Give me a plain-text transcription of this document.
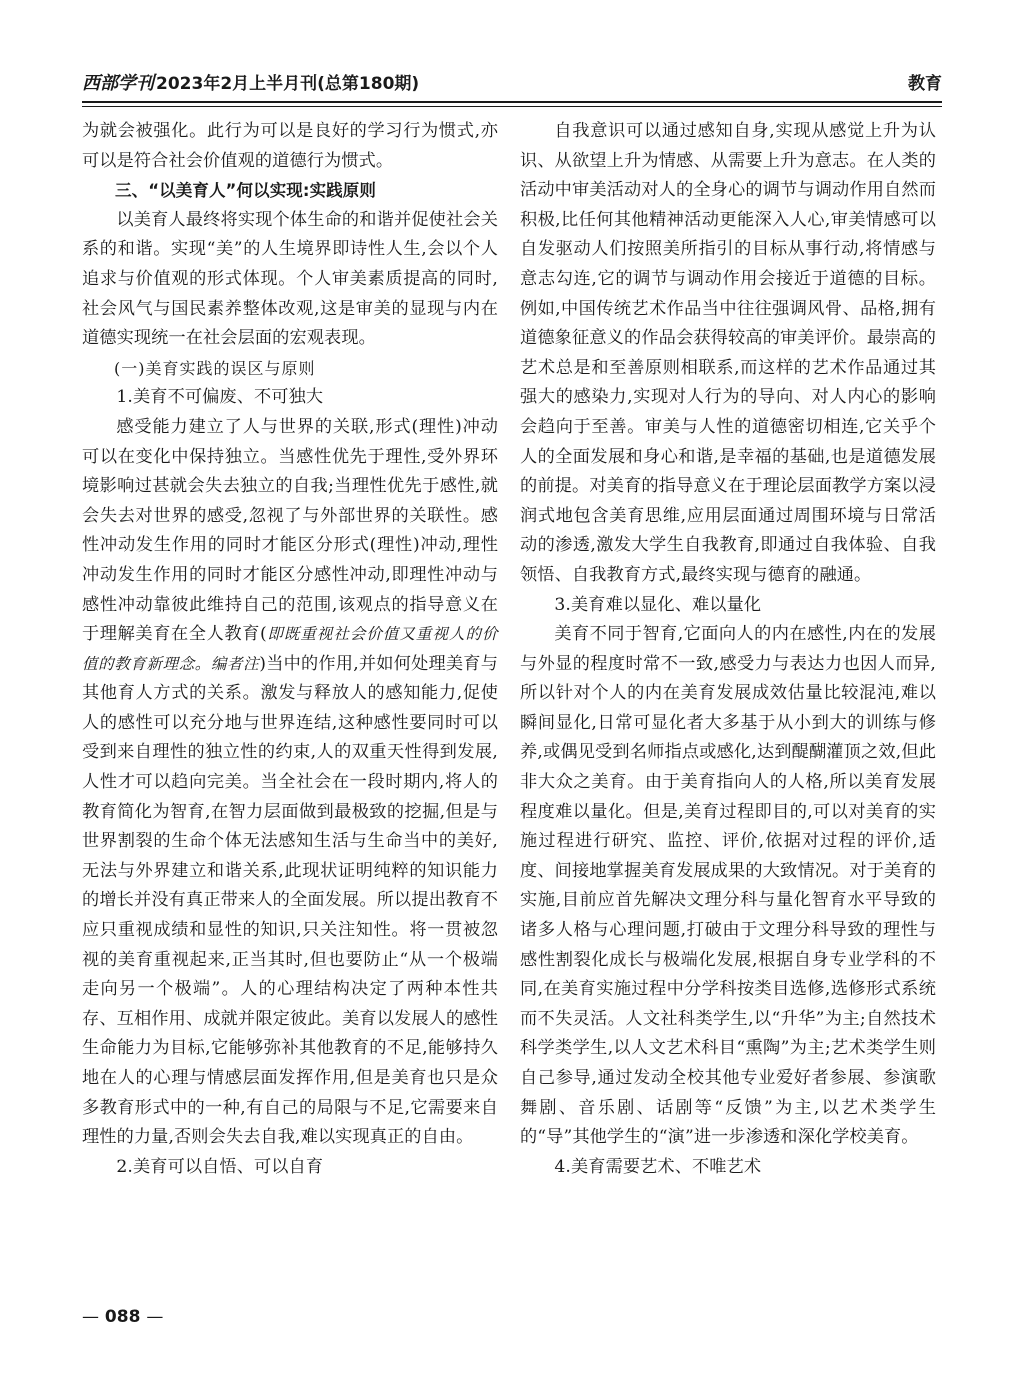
西部学刊 2023年2月上半月刊(总第180期)	教育

为就会被强化。此行为可以是良好的学习行为惯式,亦可以是符合社会价值观的道德行为惯式。

三、“以美育人”何以实现:实践原则

以美育人最终将实现个体生命的和谐并促使社会关系的和谐。实现“美”的人生境界即诗性人生,会以个人追求与价值观的形式体现。个人审美素质提高的同时,社会风气与国民素养整体改观,这是审美的显现与内在道德实现统一在社会层面的宏观表现。

(一)美育实践的误区与原则

1.美育不可偏废、不可独大

感受能力建立了人与世界的关联,形式(理性)冲动可以在变化中保持独立。当感性优先于理性,受外界环境影响过甚就会失去独立的自我;当理性优先于感性,就会失去对世界的感受,忽视了与外部世界的关联性。感性冲动发生作用的同时才能区分形式(理性)冲动,理性冲动发生作用的同时才能区分感性冲动,即理性冲动与感性冲动靠彼此维持自己的范围,该观点的指导意义在于理解美育在全人教育(即既重视社会价值又重视人的价值的教育新理念。编者注)当中的作用,并如何处理美育与其他育人方式的关系。激发与释放人的感知能力,促使人的感性可以充分地与世界连结,这种感性要同时可以受到来自理性的独立性的约束,人的双重天性得到发展,人性才可以趋向完美。当全社会在一段时期内,将人的教育简化为智育,在智力层面做到最极致的挖掘,但是与世界割裂的生命个体无法感知生活与生命当中的美好,无法与外界建立和谐关系,此现状证明纯粹的知识能力的增长并没有真正带来人的全面发展。所以提出教育不应只重视成绩和显性的知识,只关注知性。将一贯被忽视的美育重视起来,正当其时,但也要防止“从一个极端走向另一个极端”。人的心理结构决定了两种本性共存、互相作用、成就并限定彼此。美育以发展人的感性生命能力为目标,它能够弥补其他教育的不足,能够持久地在人的心理与情感层面发挥作用,但是美育也只是众多教育形式中的一种,有自己的局限与不足,它需要来自理性的力量,否则会失去自我,难以实现真正的自由。

2.美育可以自悟、可以自育

自我意识可以通过感知自身,实现从感觉上升为认识、从欲望上升为情感、从需要上升为意志。在人类的活动中审美活动对人的全身心的调节与调动作用自然而积极,比任何其他精神活动更能深入人心,审美情感可以自发驱动人们按照美所指引的目标从事行动,将情感与意志勾连,它的调节与调动作用会接近于道德的目标。例如,中国传统艺术作品当中往往强调风骨、品格,拥有道德象征意义的作品会获得较高的审美评价。最崇高的艺术总是和至善原则相联系,而这样的艺术作品通过其强大的感染力,实现对人行为的导向、对人内心的影响会趋向于至善。审美与人性的道德密切相连,它关乎个人的全面发展和身心和谐,是幸福的基础,也是道德发展的前提。对美育的指导意义在于理论层面教学方案以浸润式地包含美育思维,应用层面通过周围环境与日常活动的渗透,激发大学生自我教育,即通过自我体验、自我领悟、自我教育方式,最终实现与德育的融通。

3.美育难以显化、难以量化

美育不同于智育,它面向人的内在感性,内在的发展与外显的程度时常不一致,感受力与表达力也因人而异,所以针对个人的内在美育发展成效估量比较混沌,难以瞬间显化,日常可显化者大多基于从小到大的训练与修养,或偶见受到名师指点或感化,达到醍醐灌顶之效,但此非大众之美育。由于美育指向人的人格,所以美育发展程度难以量化。但是,美育过程即目的,可以对美育的实施过程进行研究、监控、评价,依据对过程的评价,适度、间接地掌握美育发展成果的大致情况。对于美育的实施,目前应首先解决文理分科与量化智育水平导致的诸多人格与心理问题,打破由于文理分科导致的理性与感性割裂化成长与极端化发展,根据自身专业学科的不同,在美育实施过程中分学科按类目选修,选修形式系统而不失灵活。人文社科类学生,以“升华”为主;自然技术科学类学生,以人文艺术科目“熏陶”为主;艺术类学生则自己参导,通过发动全校其他专业爱好者参展、参演歌舞剧、音乐剧、话剧等“反馈”为主,以艺术类学生的“导”其他学生的“演”进一步渗透和深化学校美育。

4.美育需要艺术、不唯艺术

— 088 —
